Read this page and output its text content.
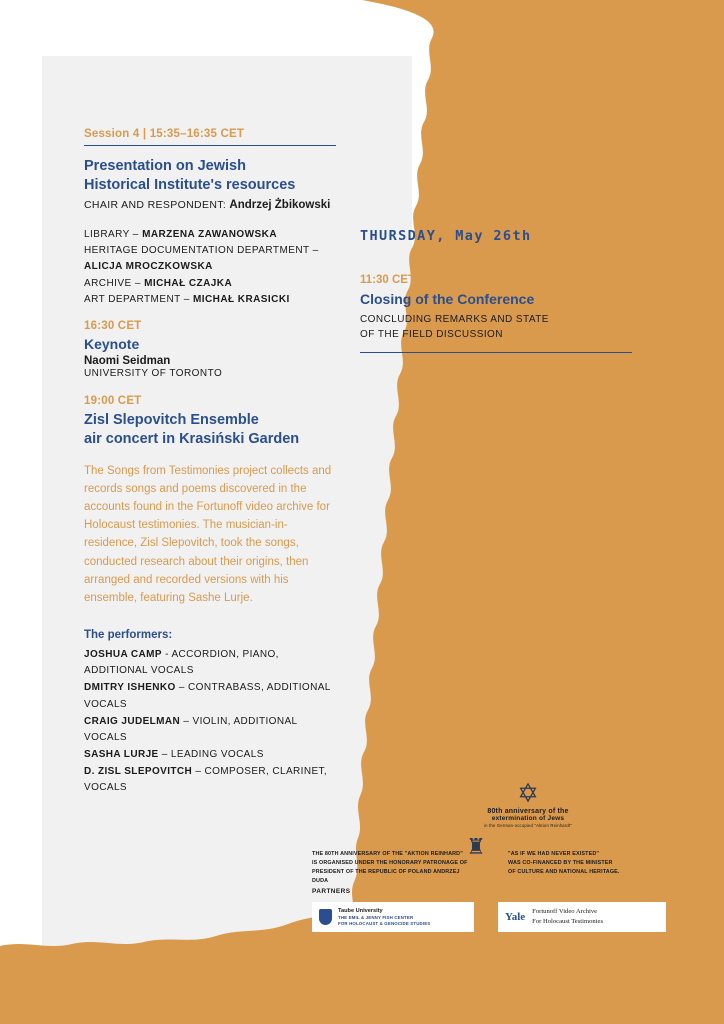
Session 4 | 15:35–16:35 CET
Presentation on Jewish
Historical Institute's resources
CHAIR AND RESPONDENT: Andrzej Żbikowski
LIBRARY – MARZENA ZAWANOWSKA
HERITAGE DOCUMENTATION DEPARTMENT –
ALICJA MROCZKOWSKA
ARCHIVE – MICHAŁ CZAJKA
ART DEPARTMENT – MICHAŁ KRASICKI
16:30 CET
Keynote
Naomi Seidman
UNIVERSITY OF TORONTO
19:00 CET
Zisl Slepovitch Ensemble
air concert in Krasiński Garden
The Songs from Testimonies project collects and records songs and poems discovered in the accounts found in the Fortunoff video archive for Holocaust testimonies. The musician-in-residence, Zisl Slepovitch, took the songs, conducted research about their origins, then arranged and recorded versions with his ensemble, featuring Sashe Lurje.
The performers:
JOSHUA CAMP - ACCORDION, PIANO, ADDITIONAL VOCALS
DMITRY ISHENKO – CONTRABASS, ADDITIONAL VOCALS
CRAIG JUDELMAN – VIOLIN, ADDITIONAL VOCALS
SASHA LURJE – LEADING VOCALS
D. ZISL SLEPOVITCH – COMPOSER, CLARINET, VOCALS
THURSDAY, May 26th
11:30 CET
Closing of the Conference
CONCLUDING REMARKS AND STATE
OF THE FIELD DISCUSSION
✡
80th anniversary of the
extermination of Jews
in the German-occupied "Aktion Reinhardt"
♜
THE 80TH ANNIVERSARY OF THE "AKTION REINHARD"
IS ORGANISED UNDER THE HONORARY PATRONAGE OF
PRESIDENT OF THE REPUBLIC OF POLAND ANDRZEJ DUDA
"AS IF WE HAD NEVER EXISTED"
WAS CO-FINANCED BY THE MINISTER
OF CULTURE AND NATIONAL HERITAGE.
PARTNERS
Taube University
THE EMIL & JENNY FISH CENTER
FOR HOLOCAUST & GENOCIDE STUDIES
Yale Fortunoff Video Archive
For Holocaust Testimonies
